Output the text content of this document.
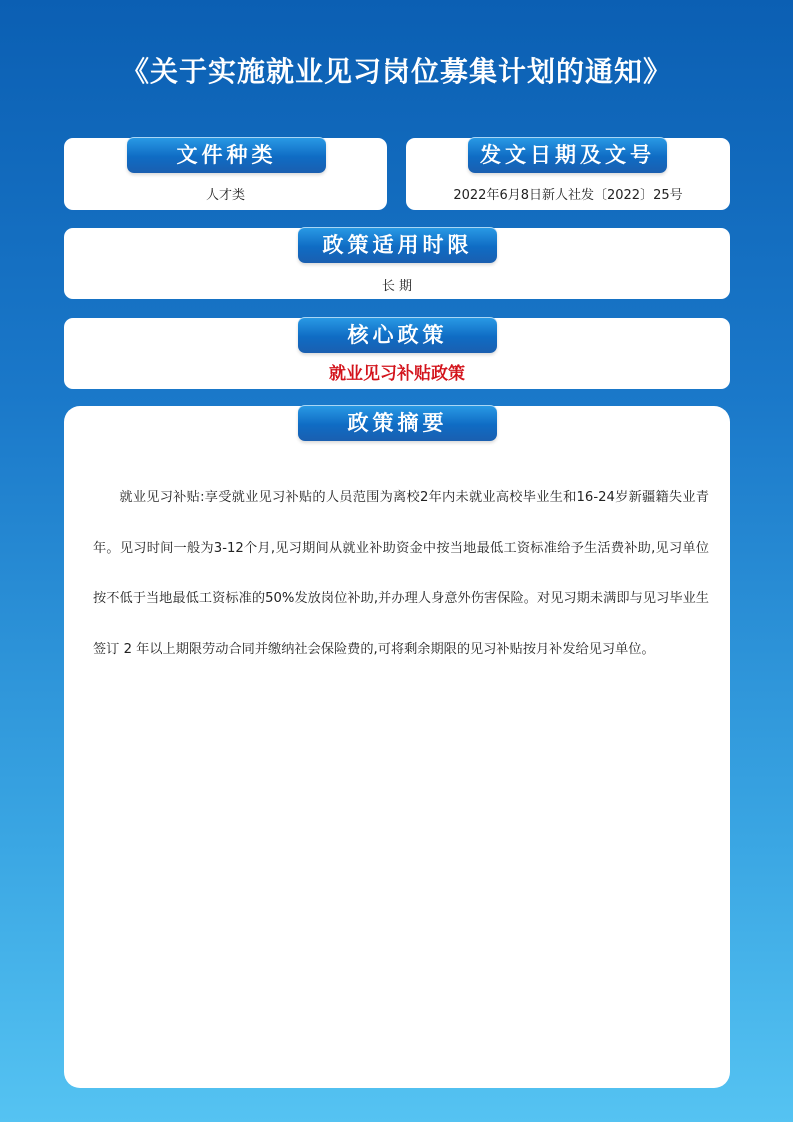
《关于实施就业见习岗位募集计划的通知》
人才类
文件种类
2022年6月8日新人社发〔2022〕25号
发文日期及文号
长 期
政策适用时限
就业见习补贴政策
核心政策
政策摘要
就业见习补贴:享受就业见习补贴的人员范围为离校2年内未就业高校毕业生和16-24岁新疆籍失业青年。见习时间一般为3-12个月,见习期间从就业补助资金中按当地最低工资标准给予生活费补助,见习单位按不低于当地最低工资标准的50%发放岗位补助,并办理人身意外伤害保险。对见习期未满即与见习毕业生签订 2 年以上期限劳动合同并缴纳社会保险费的,可将剩余期限的见习补贴按月补发给见习单位。
